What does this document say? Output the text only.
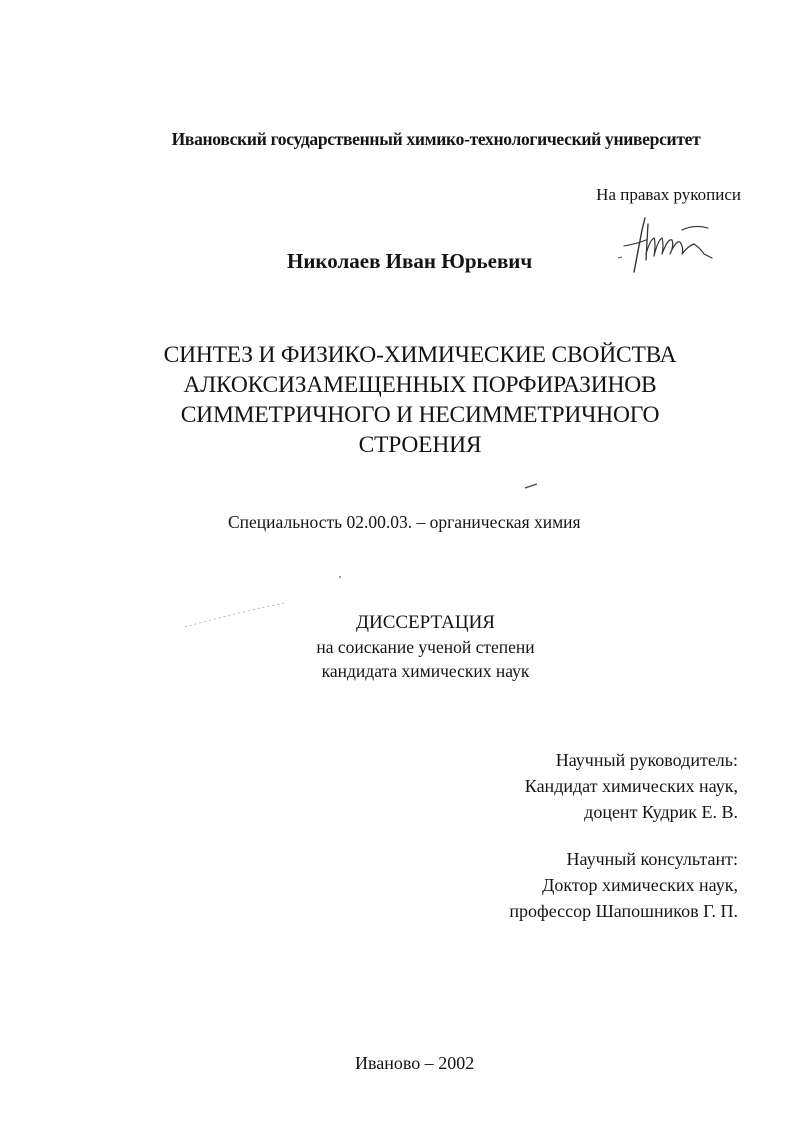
Ивановский государственный химико-технологический университет

На правах рукописи

Николаев Иван Юрьевич

СИНТЕЗ И ФИЗИКО-ХИМИЧЕСКИЕ СВОЙСТВА
АЛКОКСИЗАМЕЩЕННЫХ ПОРФИРАЗИНОВ
СИММЕТРИЧНОГО И НЕСИММЕТРИЧНОГО
СТРОЕНИЯ

Специальность 02.00.03. – органическая химия

ДИССЕРТАЦИЯ
на соискание ученой степени
кандидата химических наук
Научный руководитель:
Кандидат химических наук,
доцент Кудрик Е. В.
Научный консультант:
Доктор химических наук,
профессор Шапошников Г. П.

Иваново – 2002
